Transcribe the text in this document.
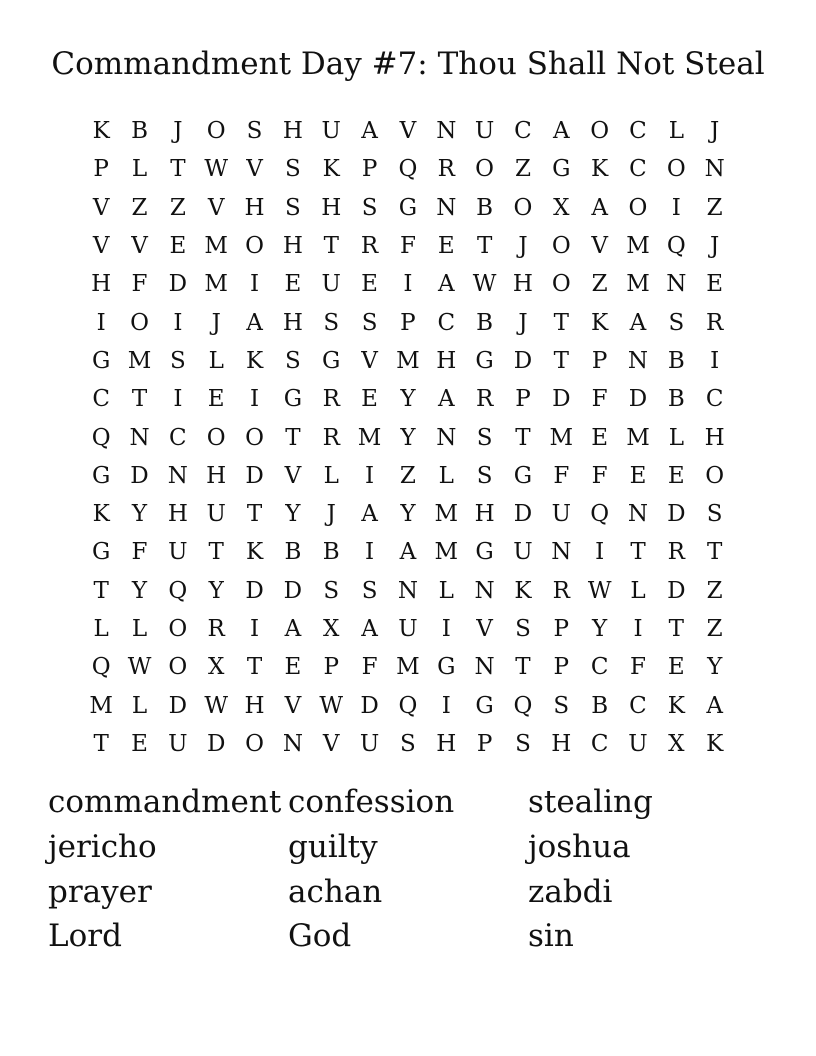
Commandment Day #7: Thou Shall Not Steal
K B	J	O S H U A V N U C A O C L	J
P L	T W V S K P Q R O Z G K C O N
V Z Z V H S H S G N B O X A O	I	Z
V V E M O H T R F E T	J	O V M Q	J
H F D M I	E U E	I	A W H O Z M N E
I	O	I	J	A H S S P C B	J	T K A S R
G M S L K S G V M H G D T P N B	I
C T	I	E	I	G R E Y A R P D F D B C
Q N C O O T R M Y N S T M E M L H
G D N H D V L	I	Z L S G F F E E O
K Y H U T	Y	J	A Y M H D U Q N D S
G F U T K B B	I	A M G U N	I	T R T
T	Y Q Y D D S S N L N K R W L D Z
L	L O R	I	A X A U	I	V S P	Y	I	T Z
Q W O X T E P F M G N T P C F E Y
M L D W H V W D Q	I	G Q S B C K A
T E U D O N V U S H P S H C U X K
commandment confession	stealing
jericho	guilty	joshua
prayer	achan	zabdi
Lord	God	sin
